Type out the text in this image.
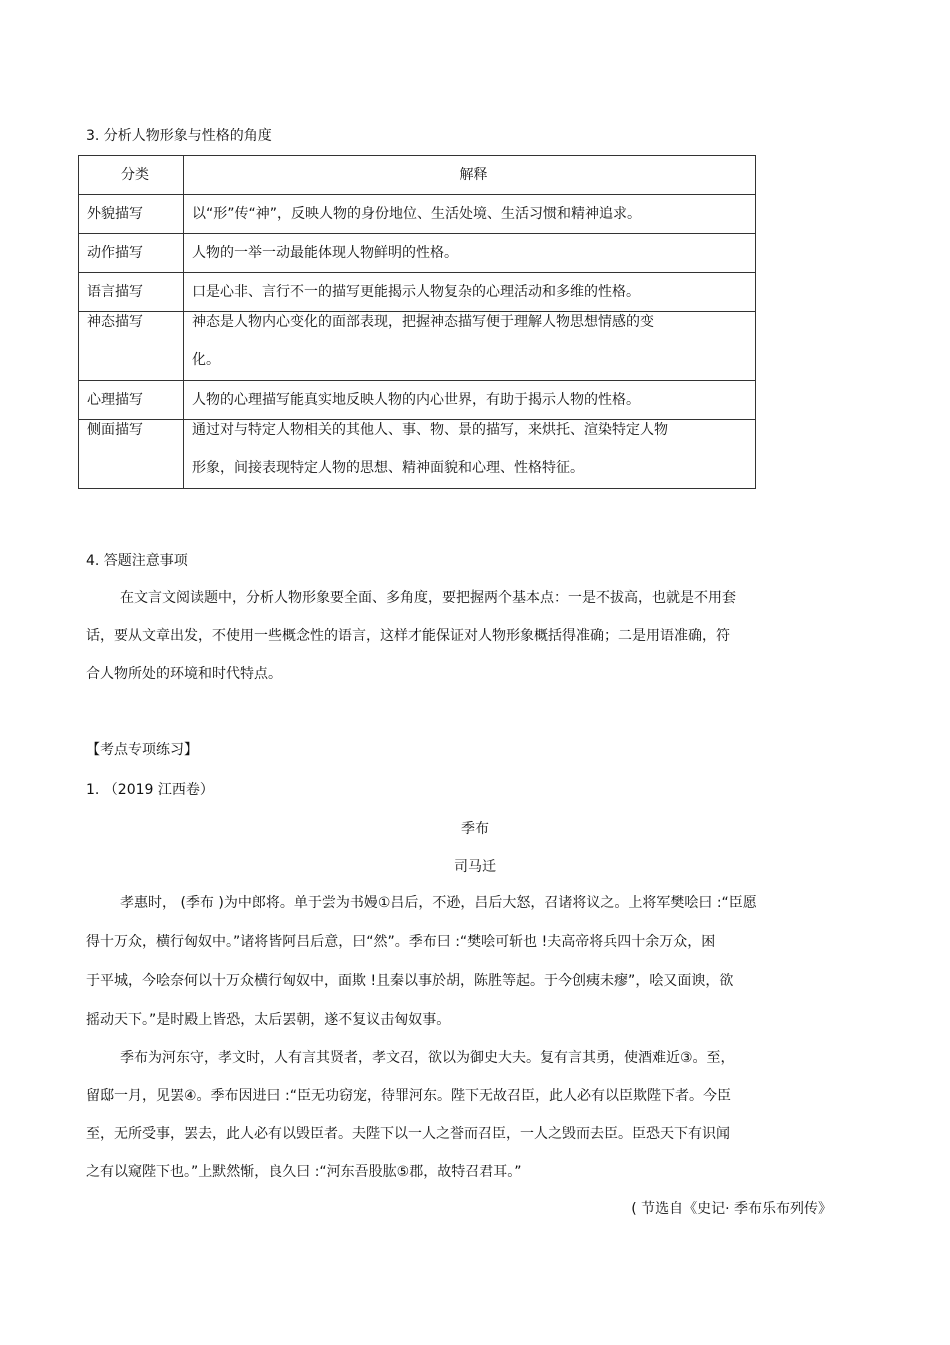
3. 分析人物形象与性格的角度
分类	解释
外貌描写	以“形”传“神”，反映人物的身份地位、生活处境、生活习惯和精神追求。
动作描写	人物的一举一动最能体现人物鲜明的性格。
语言描写	口是心非、言行不一的描写更能揭示人物复杂的心理活动和多维的性格。
神态描写	神态是人物内心变化的面部表现，把握神态描写便于理解人物思想情感的变
化。

心理描写	人物的心理描写能真实地反映人物的内心世界，有助于揭示人物的性格。
侧面描写	通过对与特定人物相关的其他人、事、物、景的描写，来烘托、渲染特定人物
形象，间接表现特定人物的思想、精神面貌和心理、性格特征。
4. 答题注意事项
在文言文阅读题中，分析人物形象要全面、多角度，要把握两个基本点：一是不拔高，也就是不用套
话，要从文章出发，不使用一些概念性的语言，这样才能保证对人物形象概括得准确；二是用语准确，符
合人物所处的环境和时代特点。
【考点专项练习】
1. （2019 江西卷）
季布
司马迁
孝惠时， (季布 )为中郎将。单于尝为书嫚①吕后，不逊，吕后大怒，召诸将议之。上将军樊哙曰 :“臣愿
得十万众，横行匈奴中。”诸将皆阿吕后意，曰“然”。季布曰 :“樊哙可斩也 !夫高帝将兵四十余万众，困
于平城，今哙奈何以十万众横行匈奴中，面欺 !且秦以事於胡，陈胜等起。于今创痍未瘳”，哙又面谀，欲
摇动天下。”是时殿上皆恐，太后罢朝，遂不复议击匈奴事。
季布为河东守，孝文时，人有言其贤者，孝文召，欲以为御史大夫。复有言其勇，使酒难近③。至，
留邸一月，见罢④。季布因进曰 :“臣无功窃宠，待罪河东。陛下无故召臣，此人必有以臣欺陛下者。今臣
至，无所受事，罢去，此人必有以毁臣者。夫陛下以一人之誉而召臣，一人之毁而去臣。臣恐天下有识闻
之有以窥陛下也。”上默然惭，良久曰 :“河东吾股肱⑤郡，故特召君耳。”
( 节选自《史记· 季布乐布列传》
